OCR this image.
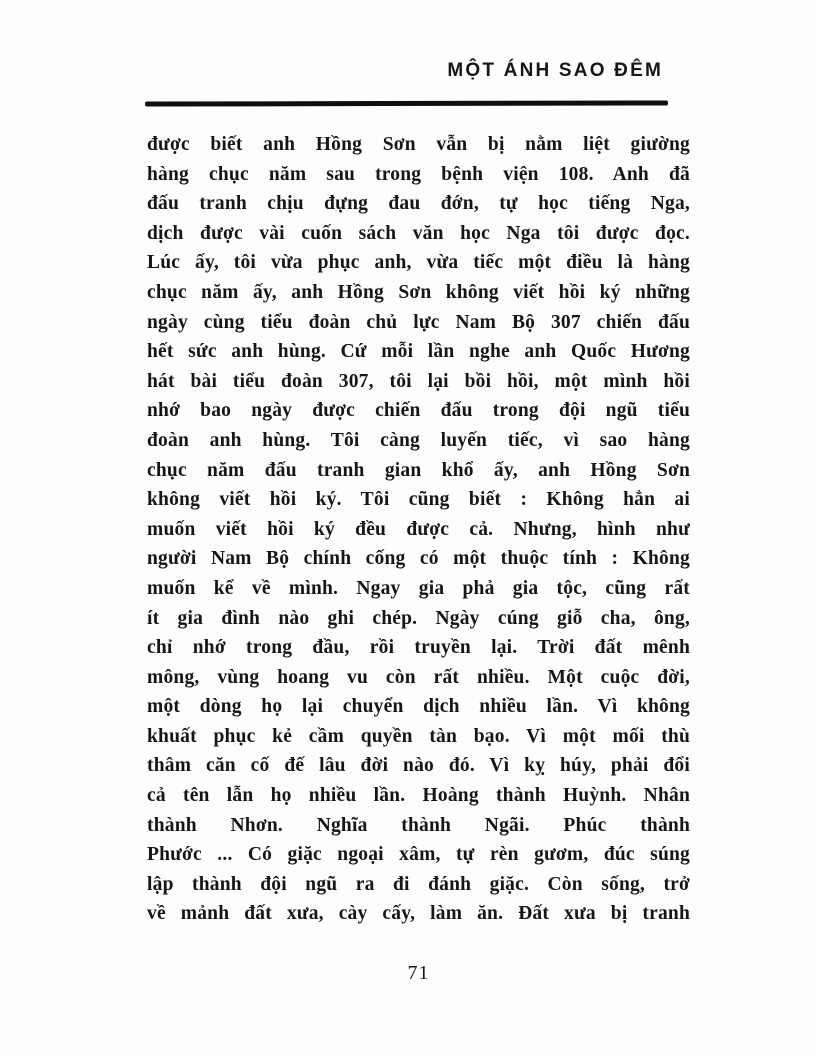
MỘT ÁNH SAO ĐÊM
được biết anh Hồng Sơn vẫn bị nằm liệt giường
hàng chục năm sau trong bệnh viện 108. Anh đã
đấu tranh chịu đựng đau đớn, tự học tiếng Nga,
dịch được vài cuốn sách văn học Nga tôi được đọc.
Lúc ấy, tôi vừa phục anh, vừa tiếc một điều là hàng
chục năm ấy, anh Hồng Sơn không viết hồi ký những
ngày cùng tiểu đoàn chủ lực Nam Bộ 307 chiến đấu
hết sức anh hùng. Cứ mỗi lần nghe anh Quốc Hương
hát bài tiểu đoàn 307, tôi lại bồi hồi, một mình hồi
nhớ bao ngày được chiến đấu trong đội ngũ tiểu
đoàn anh hùng. Tôi càng luyến tiếc, vì sao hàng
chục năm đấu tranh gian khổ ấy, anh Hồng Sơn
không viết hồi ký. Tôi cũng biết : Không hẳn ai
muốn viết hồi ký đều được cả. Nhưng, hình như
người Nam Bộ chính cống có một thuộc tính : Không
muốn kể về mình. Ngay gia phả gia tộc, cũng rất
ít gia đình nào ghi chép. Ngày cúng giỗ cha, ông,
chỉ nhớ trong đầu, rồi truyền lại. Trời đất mênh
mông, vùng hoang vu còn rất nhiều. Một cuộc đời,
một dòng họ lại chuyển dịch nhiều lần. Vì không
khuất phục kẻ cầm quyền tàn bạo. Vì một mối thù
thâm căn cố đế lâu đời nào đó. Vì kỵ húy, phải đổi
cả tên lẫn họ nhiều lần. Hoàng thành Huỳnh. Nhân
thành Nhơn. Nghĩa thành Ngãi. Phúc thành
Phước ... Có giặc ngoại xâm, tự rèn gươm, đúc súng
lập thành đội ngũ ra đi đánh giặc. Còn sống, trở
về mảnh đất xưa, cày cấy, làm ăn. Đất xưa bị tranh
71
